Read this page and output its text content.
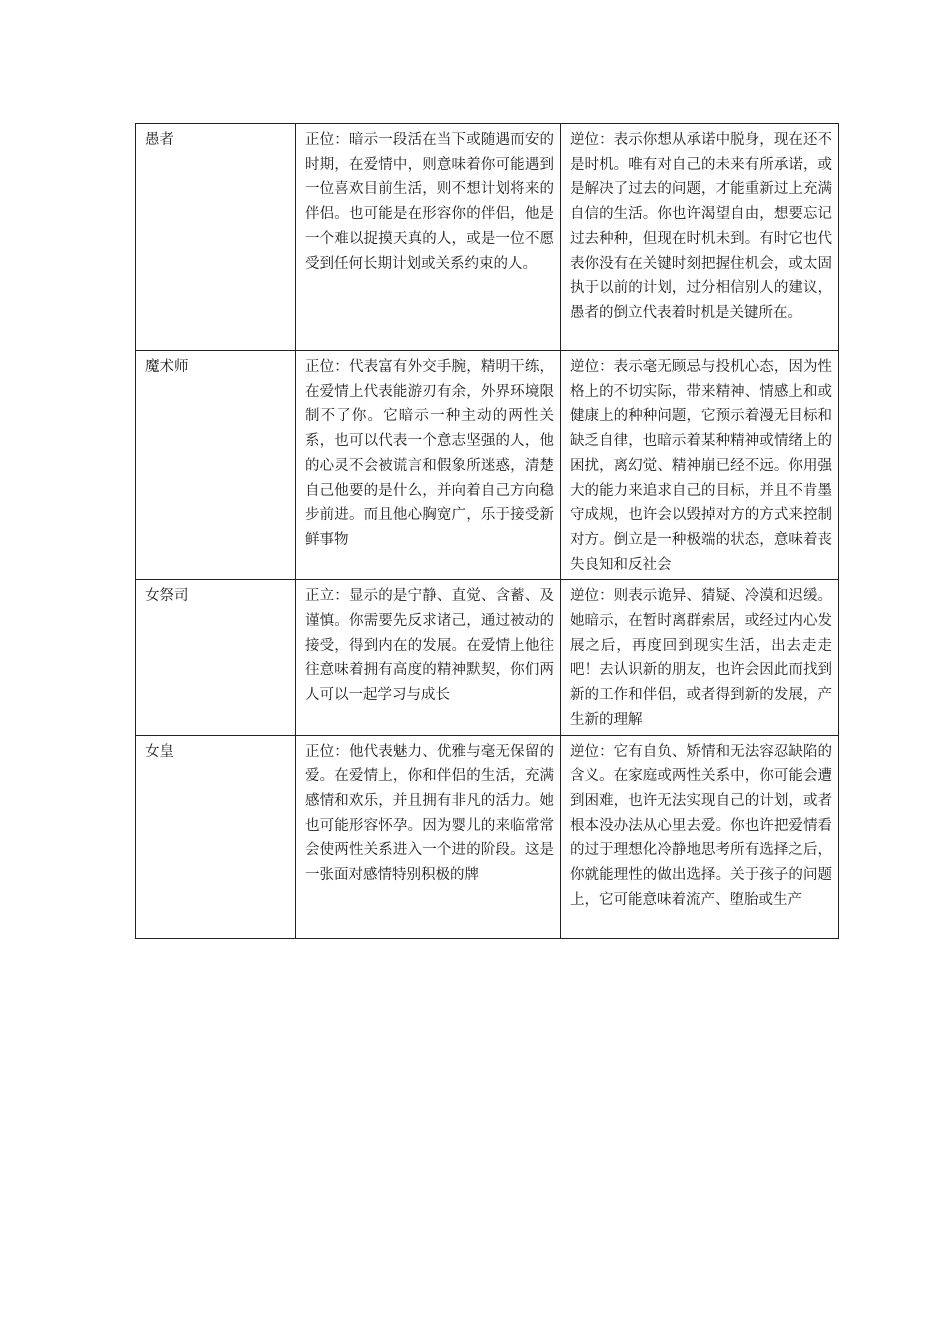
愚者	正位：暗示一段活在当下或随遇而安的时期，在爱情中，则意味着你可能遇到一位喜欢目前生活，则不想计划将来的伴侣。也可能是在形容你的伴侣，他是一个难以捉摸天真的人，或是一位不愿受到任何长期计划或关系约束的人。	逆位：表示你想从承诺中脱身，现在还不是时机。唯有对自己的未来有所承诺，或是解决了过去的问题，才能重新过上充满自信的生活。你也许渴望自由，想要忘记过去种种，但现在时机未到。有时它也代表你没有在关键时刻把握住机会，或太固执于以前的计划，过分相信别人的建议，愚者的倒立代表着时机是关键所在。
魔术师	正位：代表富有外交手腕，精明干练，在爱情上代表能游刃有余，外界环境限制不了你。它暗示一种主动的两性关系，也可以代表一个意志坚强的人，他的心灵不会被谎言和假象所迷惑，清楚自己他要的是什么，并向着自己方向稳步前进。而且他心胸宽广，乐于接受新鲜事物	逆位：表示毫无顾忌与投机心态，因为性格上的不切实际，带来精神、情感上和或健康上的种种问题，它预示着漫无目标和缺乏自律，也暗示着某种精神或情绪上的困扰，离幻觉、精神崩已经不远。你用强大的能力来追求自己的目标，并且不肯墨守成规，也许会以毁掉对方的方式来控制对方。倒立是一种极端的状态，意味着丧失良知和反社会
女祭司	正立：显示的是宁静、直觉、含蓄、及谨慎。你需要先反求诸己，通过被动的接受，得到内在的发展。在爱情上他往往意味着拥有高度的精神默契，你们两人可以一起学习与成长	逆位：则表示诡异、猜疑、冷漠和迟缓。她暗示，在暂时离群索居，或经过内心发展之后，再度回到现实生活，出去走走吧！去认识新的朋友，也许会因此而找到新的工作和伴侣，或者得到新的发展，产生新的理解
女皇	正位：他代表魅力、优雅与毫无保留的爱。在爱情上，你和伴侣的生活，充满感情和欢乐，并且拥有非凡的活力。她也可能形容怀孕。因为婴儿的来临常常会使两性关系进入一个进的阶段。这是一张面对感情特别积极的牌	逆位：它有自负、矫情和无法容忍缺陷的含义。在家庭或两性关系中，你可能会遭到困难，也许无法实现自己的计划，或者根本没办法从心里去爱。你也许把爱情看的过于理想化冷静地思考所有选择之后，你就能理性的做出选择。关于孩子的问题上，它可能意味着流产、堕胎或生产
